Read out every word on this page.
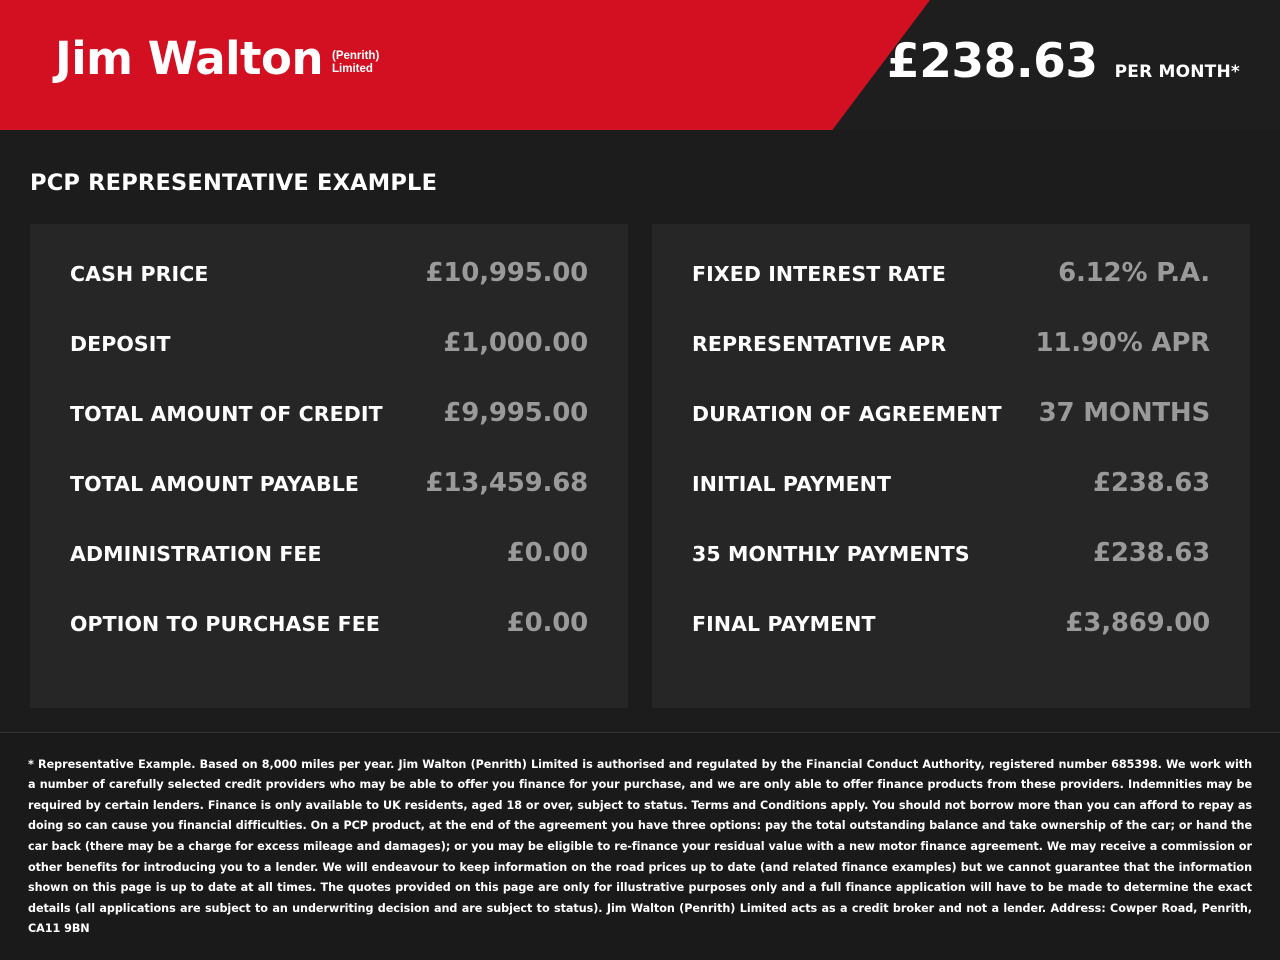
Jim Walton (Penrith)
Limited	£238.63 PER MONTH*
PCP REPRESENTATIVE EXAMPLE
CASH PRICE	£10,995.00
DEPOSIT	£1,000.00
TOTAL AMOUNT OF CREDIT £9,995.00
TOTAL AMOUNT PAYABLE	£13,459.68
ADMINISTRATION FEE	£0.00
OPTION TO PURCHASE FEE	£0.00
FIXED INTEREST RATE	6.12% P.A.
REPRESENTATIVE APR	11.90% APR
DURATION OF AGREEMENT 37 MONTHS
INITIAL PAYMENT	£238.63
35 MONTHLY PAYMENTS	£238.63
FINAL PAYMENT	£3,869.00

* Representative Example. Based on 8,000 miles per year. Jim Walton (Penrith) Limited is authorised and regulated by the Financial Conduct Authority, registered number 685398. We work with a number of carefully selected credit providers who may be able to offer you finance for your purchase, and we are only able to offer finance products from these providers. Indemnities may be required by certain lenders. Finance is only available to UK residents, aged 18 or over, subject to status. Terms and Conditions apply. You should not borrow more than you can afford to repay as doing so can cause you financial difficulties. On a PCP product, at the end of the agreement you have three options: pay the total outstanding balance and take ownership of the car; or hand the car back (there may be a charge for excess mileage and damages); or you may be eligible to re-finance your residual value with a new motor finance agreement. We may receive a commission or other benefits for introducing you to a lender. We will endeavour to keep information on the road prices up to date (and related finance examples) but we cannot guarantee that the information shown on this page is up to date at all times. The quotes provided on this page are only for illustrative purposes only and a full finance application will have to be made to determine the exact details (all applications are subject to an underwriting decision and are subject to status). Jim Walton (Penrith) Limited acts as a credit broker and not a lender. Address: Cowper Road, Penrith, CA11 9BN
